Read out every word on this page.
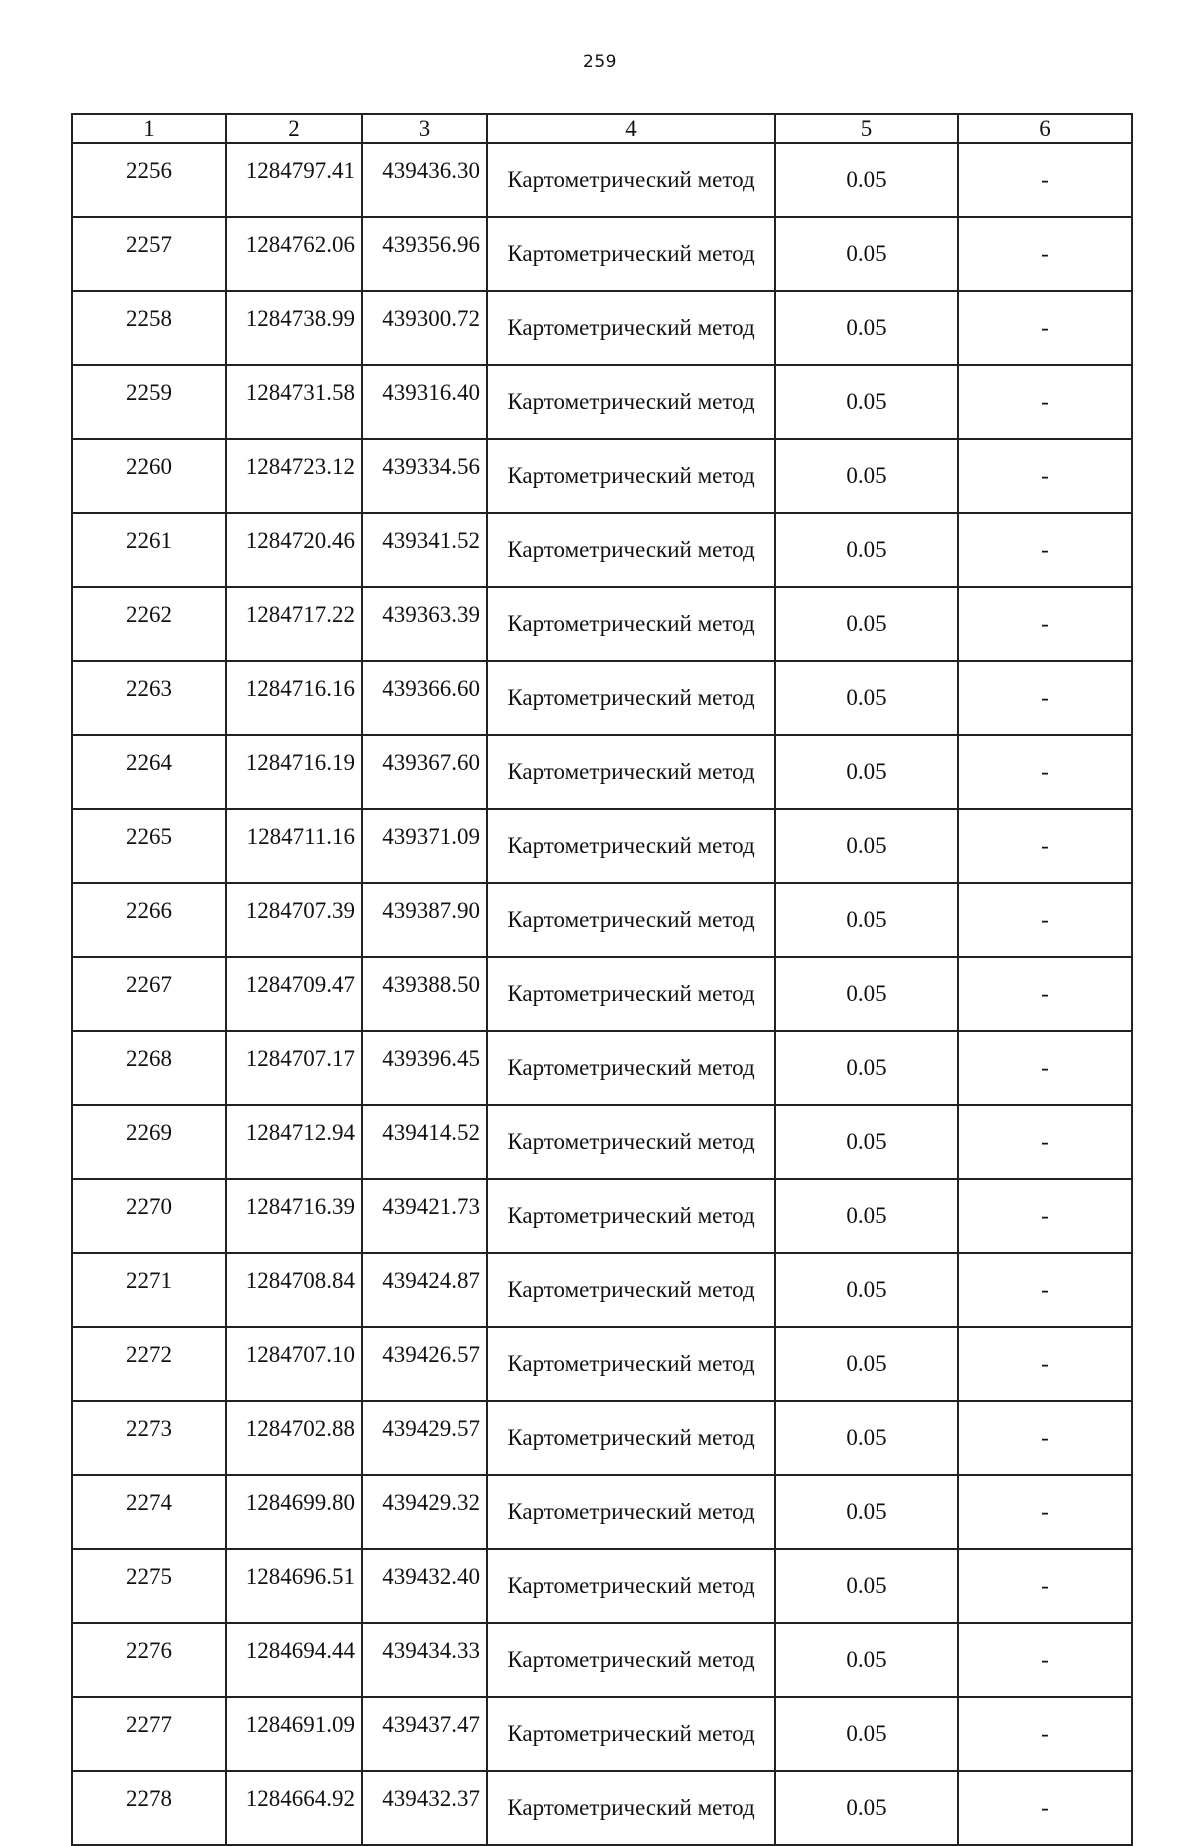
259
1	2	3	4	5	6
2256	1284797.41	439436.30	Картометрический метод	0.05	-
2257	1284762.06	439356.96	Картометрический метод	0.05	-
2258	1284738.99	439300.72	Картометрический метод	0.05	-
2259	1284731.58	439316.40	Картометрический метод	0.05	-
2260	1284723.12	439334.56	Картометрический метод	0.05	-
2261	1284720.46	439341.52	Картометрический метод	0.05	-
2262	1284717.22	439363.39	Картометрический метод	0.05	-
2263	1284716.16	439366.60	Картометрический метод	0.05	-
2264	1284716.19	439367.60	Картометрический метод	0.05	-
2265	1284711.16	439371.09	Картометрический метод	0.05	-
2266	1284707.39	439387.90	Картометрический метод	0.05	-
2267	1284709.47	439388.50	Картометрический метод	0.05	-
2268	1284707.17	439396.45	Картометрический метод	0.05	-
2269	1284712.94	439414.52	Картометрический метод	0.05	-
2270	1284716.39	439421.73	Картометрический метод	0.05	-
2271	1284708.84	439424.87	Картометрический метод	0.05	-
2272	1284707.10	439426.57	Картометрический метод	0.05	-
2273	1284702.88	439429.57	Картометрический метод	0.05	-
2274	1284699.80	439429.32	Картометрический метод	0.05	-
2275	1284696.51	439432.40	Картометрический метод	0.05	-
2276	1284694.44	439434.33	Картометрический метод	0.05	-
2277	1284691.09	439437.47	Картометрический метод	0.05	-
2278	1284664.92	439432.37	Картометрический метод	0.05	-
